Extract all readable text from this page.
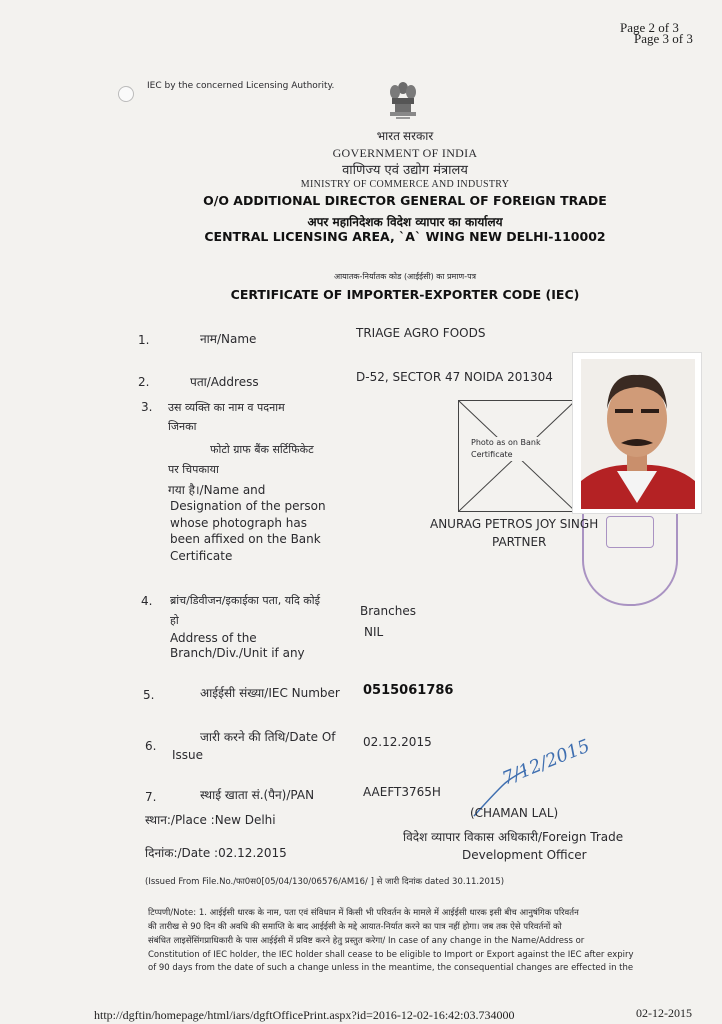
Page 2 of 3
Page 3 of 3
IEC by the concerned Licensing Authority.
भारत सरकार
GOVERNMENT OF INDIA
वाणिज्य एवं उद्योग मंत्रालय
MINISTRY OF COMMERCE AND INDUSTRY
O/O ADDITIONAL DIRECTOR GENERAL OF FOREIGN TRADE
अपर महानिदेशक विदेश व्यापार का कार्यालय
CENTRAL LICENSING AREA, `A` WING NEW DELHI-110002
आयातक-निर्यातक कोड (आईईसी) का प्रमाण-पत्र
CERTIFICATE OF IMPORTER-EXPORTER CODE (IEC)
1.	नाम/Name	TRIAGE AGRO FOODS
2.	पता/Address	D-52, SECTOR 47 NOIDA 201304
3. उस व्यक्ति का नाम व पदनाम
जिनका
फोटो ग्राफ बैंक सर्टिफिकेट
पर चिपकाया
गया है।/Name and
Designation of the person
whose photograph has
been affixed on the Bank
Certificate
Photo as on Bank
Certificate
ANURAG PETROS JOY SINGH
PARTNER
4. ब्रांच/डिवीजन/इकाईका पता, यदि कोई
हो
Address of the
Branch/Div./Unit if any
Branches
NIL
5.	आईईसी संख्या/IEC Number 0515061786
6.
जारी करने की तिथि/Date Of
Issue
02.12.2015	7/12/2015
7.	स्थाई खाता सं.(पैन)/PAN	AAEFT3765H
स्थान:/Place :New Delhi
दिनांक:/Date :02.12.2015
(CHAMAN LAL)
विदेश व्यापार विकास अधिकारी/Foreign Trade
Development Officer
(Issued From File.No./फा0स0[05/04/130/06576/AM16/ ] से जारी दिनांक dated 30.11.2015)
टिप्पणी/Note: 1. आईईसी धारक के नाम, पता एवं संविधान में किसी भी परिवर्तन के मामले में आईईसी धारक इसी बीच आनुषंगिक परिवर्तन
की तारीख से 90 दिन की अवधि की समाप्ति के बाद आईईसी के मद्दे आयात-निर्यात करने का पात्र नहीं होगा। जब तक ऐसे परिवर्तनों को
संबंधित लाइसेंसिंगप्राधिकारी के पास आईईसी में प्रविष्ट करने हेतु प्रस्तुत करेगा/ In case of any change in the Name/Address or
Constitution of IEC holder, the IEC holder shall cease to be eligible to Import or Export against the IEC after expiry
of 90 days from the date of such a change unless in the meantime, the consequential changes are effected in the
http://dgftin/homepage/html/iars/dgftOfficePrint.aspx?id=2016-12-02-16:42:03.734000	02-12-2015
